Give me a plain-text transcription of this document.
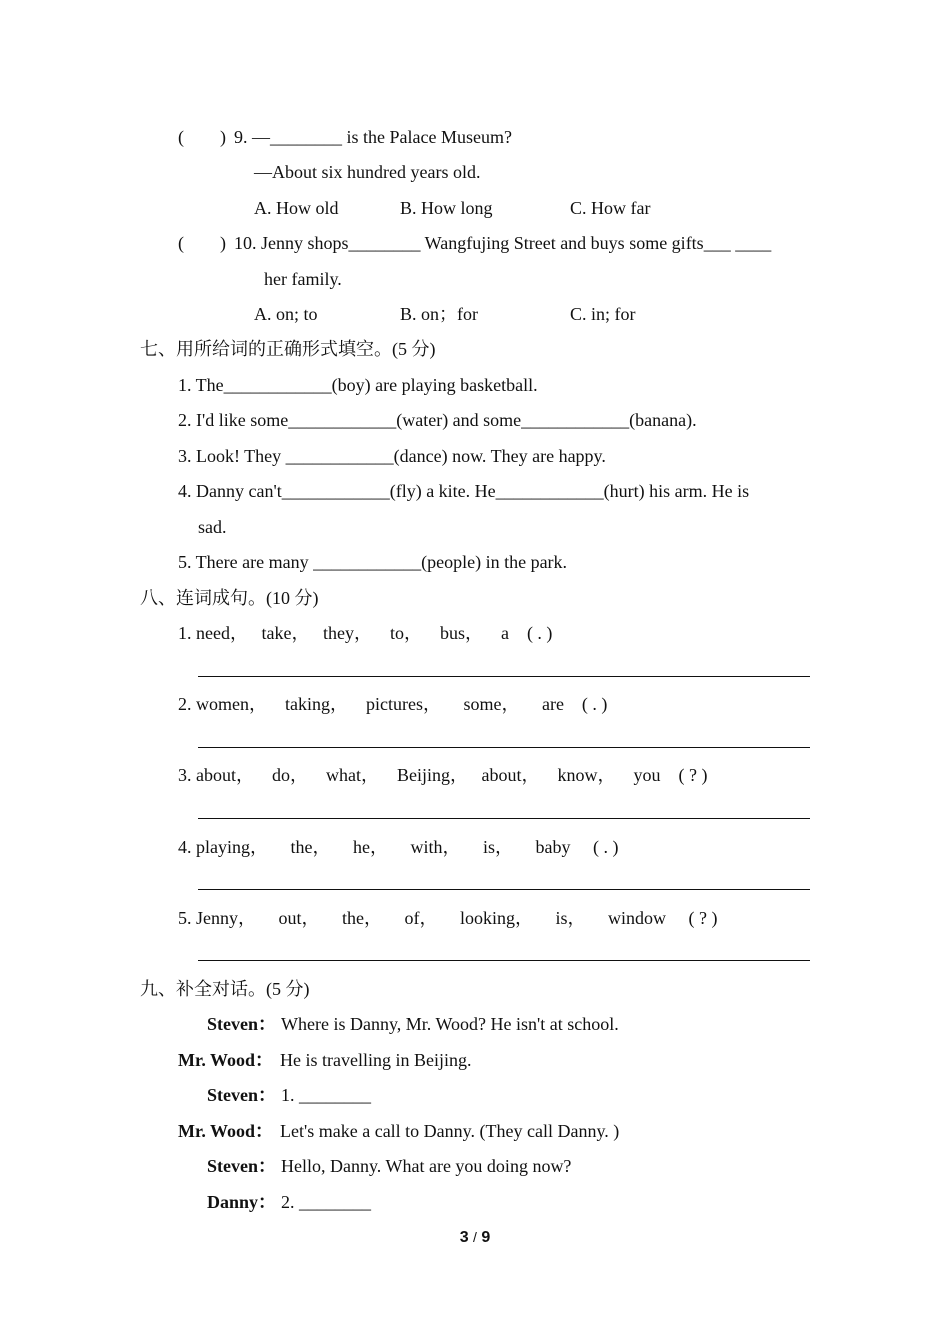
(        ) 9. —________ is the Palace Museum?
—About six hundred years old.
A. How old	B. How long	C. How far
(        ) 10. Jenny shops________ Wangfujing Street and buys some gifts___ ____
her family.
A. on; to	B. on；for	C. in; for
七、用所给词的正确形式填空。(5 分)
1. The____________(boy) are playing basketball.
2. I'd like some____________(water) and some____________(banana).
3. Look! They ____________(dance) now. They are happy.
4. Danny can't____________(fly) a kite. He____________(hurt) his arm. He is
sad.
5. There are many ____________(people) in the park.
八、连词成句。(10 分)
1. need，   take，   they，    to，    bus，    a    ( . )
2. women，    taking，    pictures，     some，     are    ( . )
3. about，    do，    what，    Beijing，   about，    know，    you    ( ? )
4. playing，     the，     he，     with，     is，     baby     ( . )
5. Jenny，     out，     the，     of，     looking，     is，     window     ( ? )
九、补全对话。(5 分)
Steven： Where is Danny, Mr. Wood? He isn't at school.
Mr. Wood： He is travelling in Beijing.
Steven： 1. ________
Mr. Wood： Let's make a call to Danny. (They call Danny. )
Steven： Hello, Danny. What are you doing now?
Danny： 2. ________
3 / 9
